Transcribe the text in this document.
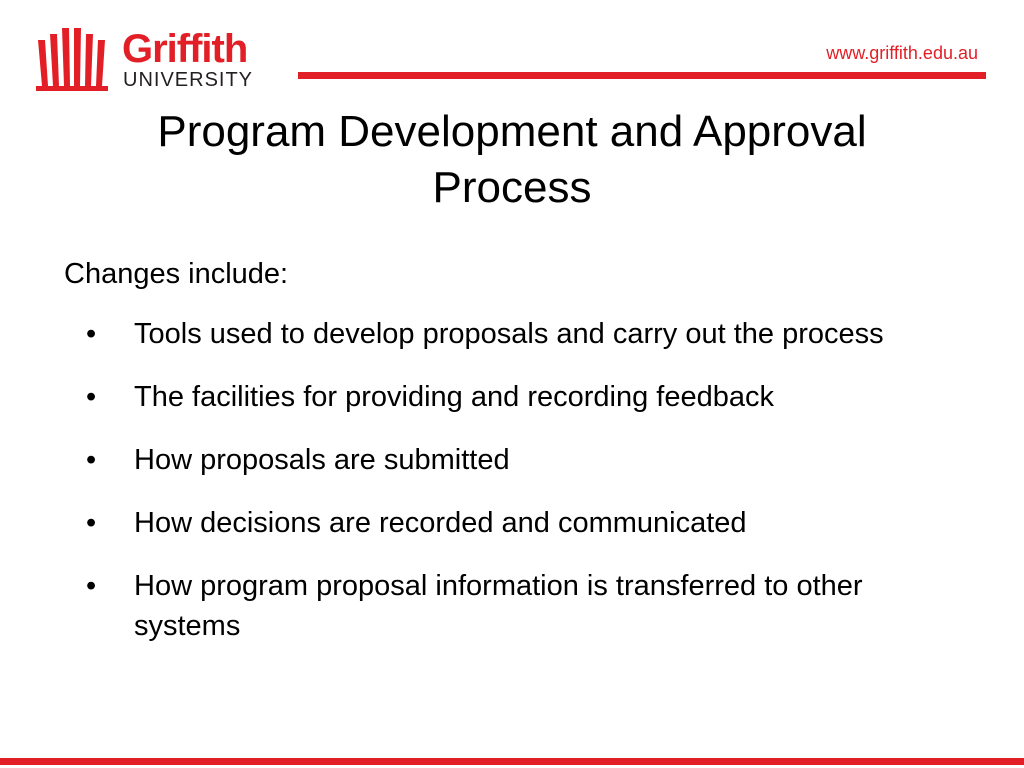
Griffith
UNIVERSITY
www.griffith.edu.au
Program Development and Approval
Process

Changes include:

• Tools used to develop proposals and carry out the process
• The facilities for providing and recording feedback
• How proposals are submitted
• How decisions are recorded and communicated
• How program proposal information is transferred to other systems
